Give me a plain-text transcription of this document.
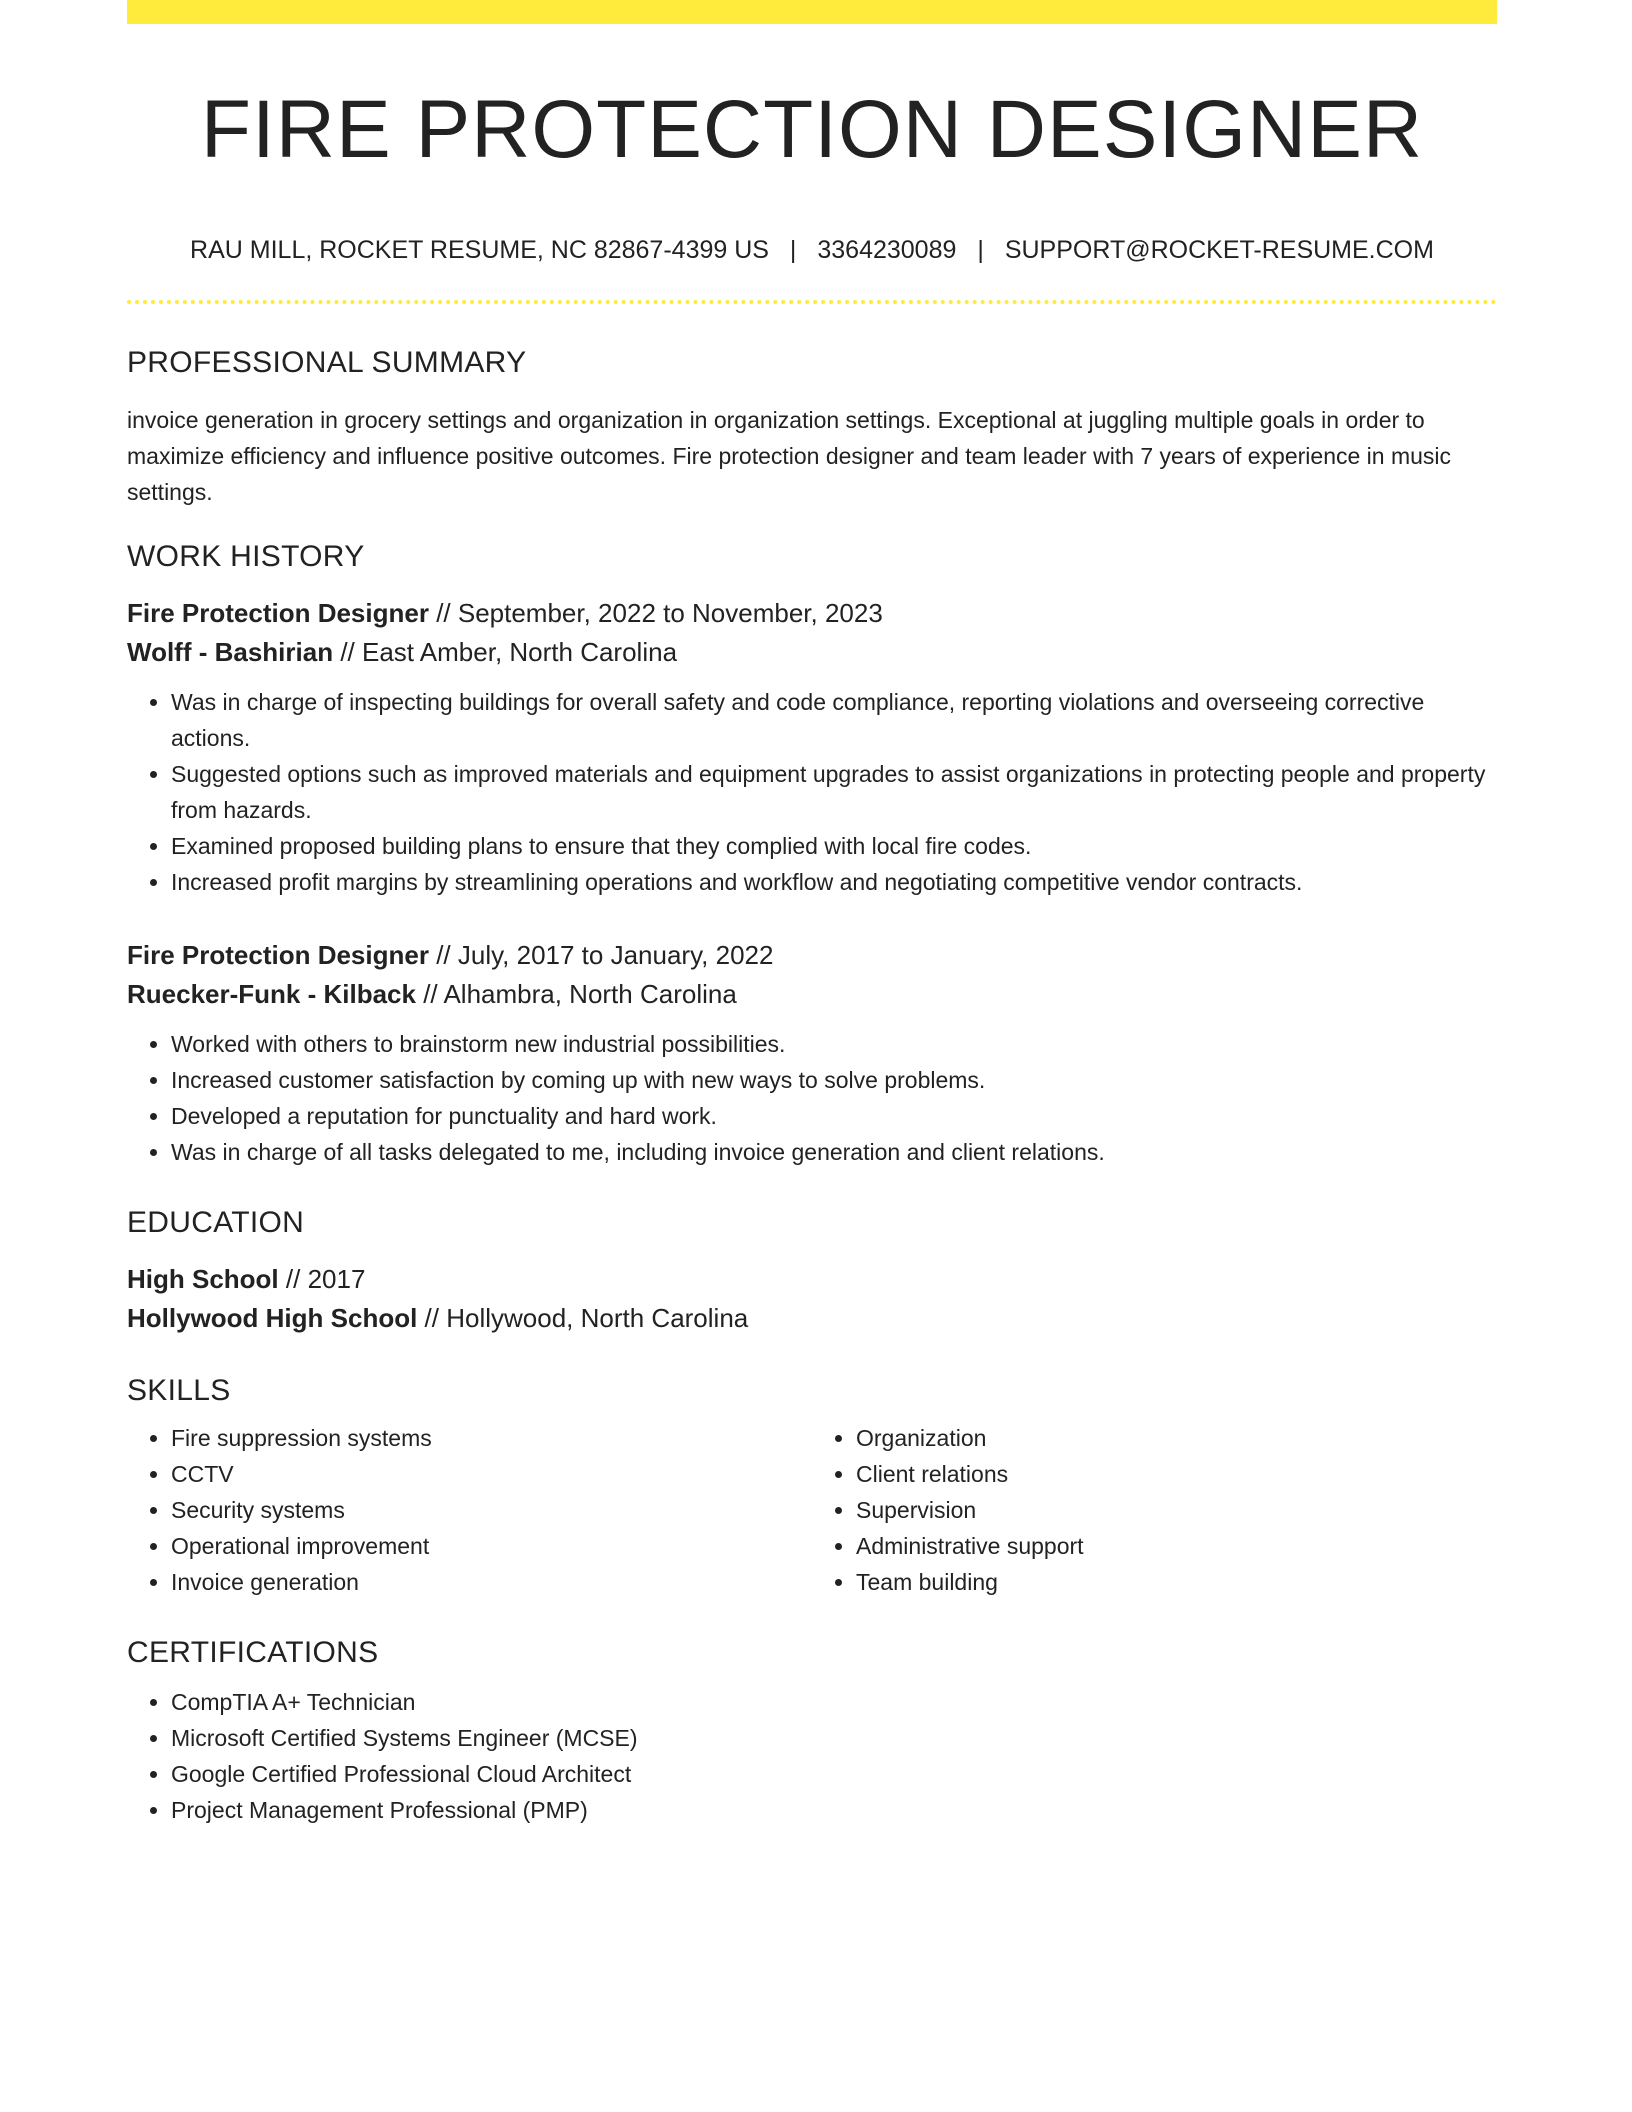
FIRE PROTECTION DESIGNER
RAU MILL, ROCKET RESUME, NC 82867-4399 US | 3364230089 | SUPPORT@ROCKET-RESUME.COM
PROFESSIONAL SUMMARY
invoice generation in grocery settings and organization in organization settings. Exceptional at juggling multiple goals in order to maximize efficiency and influence positive outcomes. Fire protection designer and team leader with 7 years of experience in music settings.
WORK HISTORY
Fire Protection Designer // September, 2022 to November, 2023
Wolff - Bashirian // East Amber, North Carolina
• Was in charge of inspecting buildings for overall safety and code compliance, reporting violations and overseeing corrective actions.
• Suggested options such as improved materials and equipment upgrades to assist organizations in protecting people and property from hazards.
• Examined proposed building plans to ensure that they complied with local fire codes.
• Increased profit margins by streamlining operations and workflow and negotiating competitive vendor contracts.
Fire Protection Designer // July, 2017 to January, 2022
Ruecker-Funk - Kilback // Alhambra, North Carolina
• Worked with others to brainstorm new industrial possibilities.
• Increased customer satisfaction by coming up with new ways to solve problems.
• Developed a reputation for punctuality and hard work.
• Was in charge of all tasks delegated to me, including invoice generation and client relations.
EDUCATION
High School // 2017
Hollywood High School // Hollywood, North Carolina
SKILLS
• Fire suppression systems
• CCTV
• Security systems
• Operational improvement
• Invoice generation
• Organization
• Client relations
• Supervision
• Administrative support
• Team building
CERTIFICATIONS
• CompTIA A+ Technician
• Microsoft Certified Systems Engineer (MCSE)
• Google Certified Professional Cloud Architect
• Project Management Professional (PMP)
